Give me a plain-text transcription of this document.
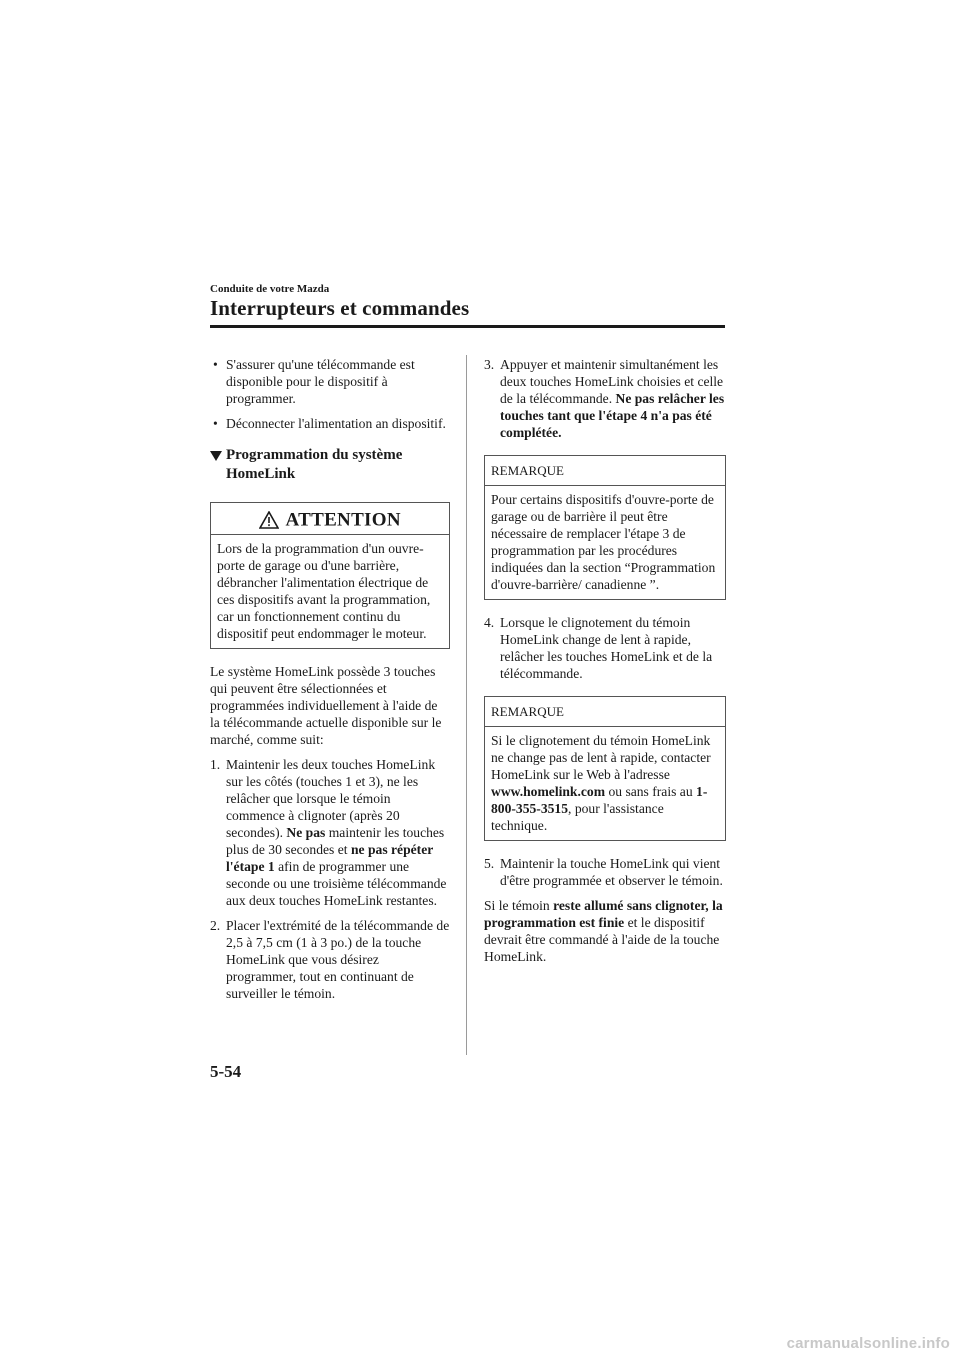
Conduite de votre Mazda
Interrupteurs et commandes
• S'assurer qu'une télécommande est disponible pour le dispositif à programmer.
• Déconnecter l'alimentation an dispositif.
Programmation du système HomeLink
ATTENTION
Lors de la programmation d'un ouvre-porte de garage ou d'une barrière, débrancher l'alimentation électrique de ces dispositifs avant la programmation, car un fonctionnement continu du dispositif peut endommager le moteur.

Le système HomeLink possède 3 touches qui peuvent être sélectionnées et programmées individuellement à l'aide de la télécommande actuelle disponible sur le marché, comme suit:

1. Maintenir les deux touches HomeLink sur les côtés (touches 1 et 3), ne les relâcher que lorsque le témoin commence à clignoter (après 20 secondes). Ne pas maintenir les touches plus de 30 secondes et ne pas répéter l'étape 1 afin de programmer une seconde ou une troisième télécommande aux deux touches HomeLink restantes.
2. Placer l'extrémité de la télécommande de 2,5 à 7,5 cm (1 à 3 po.) de la touche HomeLink que vous désirez programmer, tout en continuant de surveiller le témoin.
3. Appuyer et maintenir simultanément les deux touches HomeLink choisies et celle de la télécommande. Ne pas relâcher les touches tant que l'étape 4 n'a pas été complétée.
REMARQUE
Pour certains dispositifs d'ouvre-porte de garage ou de barrière il peut être nécessaire de remplacer l'étape 3 de programmation par les procédures indiquées dan la section “Programmation d'ouvre-barrière/ canadienne ”.
4. Lorsque le clignotement du témoin HomeLink change de lent à rapide, relâcher les touches HomeLink et de la télécommande.
REMARQUE
Si le clignotement du témoin HomeLink ne change pas de lent à rapide, contacter HomeLink sur le Web à l'adresse www.homelink.com ou sans frais au 1-800-355-3515, pour l'assistance technique.
5. Maintenir la touche HomeLink qui vient d'être programmée et observer le témoin.

Si le témoin reste allumé sans clignoter, la programmation est finie et le dispositif devrait être commandé à l'aide de la touche HomeLink.

5-54
carmanualsonline.info
